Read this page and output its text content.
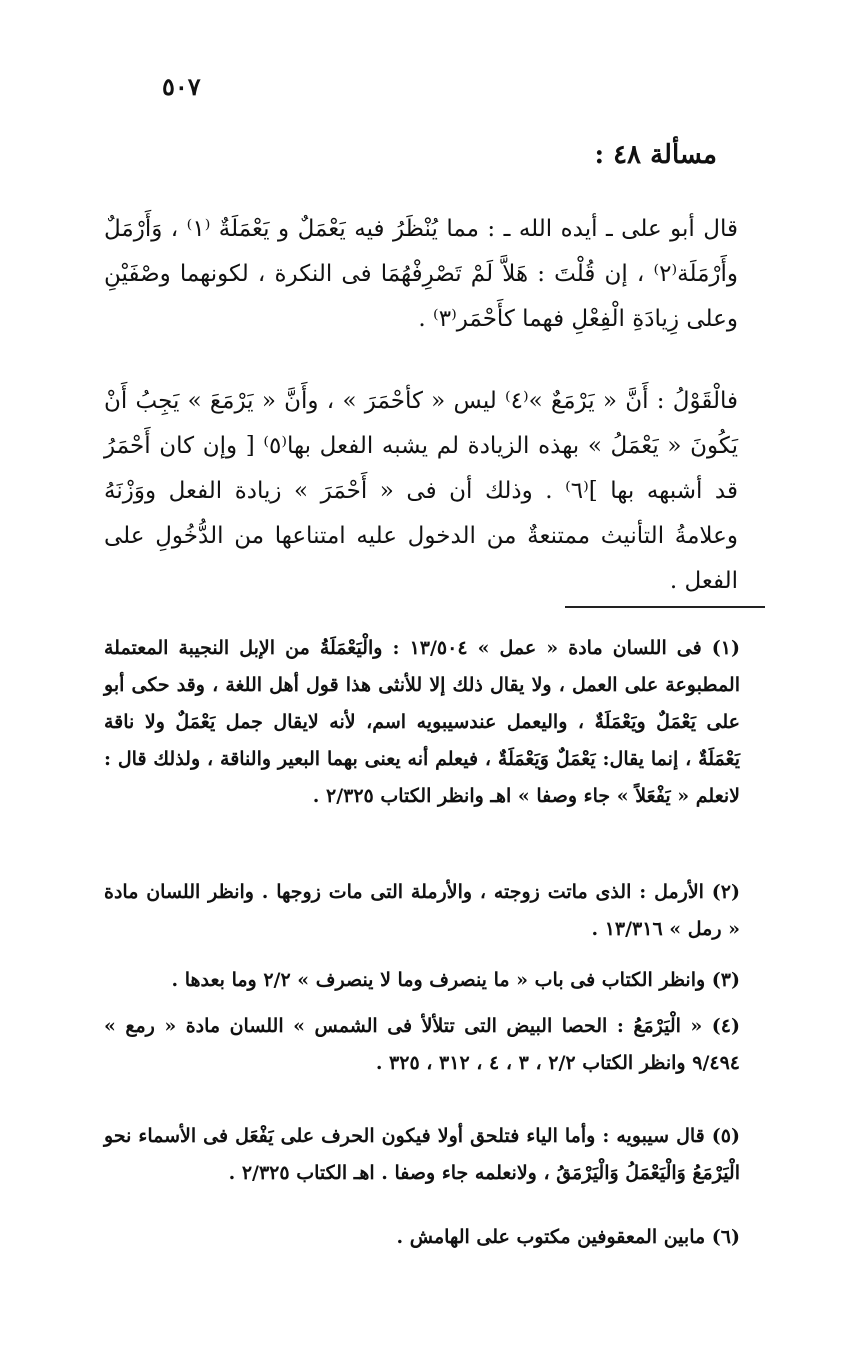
٥٠٧
مسألة ٤٨ :

قال أبو على ـ أيده الله ـ : مما يُنْظَرُ فيه يَعْمَلٌ و يَعْمَلَةٌ ⁽١⁾ ، وَأَرْمَلٌ وأَرْمَلَة⁽٢⁾ ، إن قُلْتَ : هَلاَّ لَمْ تَصْرِفْهُمَا فى النكرة ، لكونهما وصْفَيْنِ وعلى زِيادَةِ الْفِعْلِ فهما كأَحْمَر⁽٣⁾ .

فالْقَوْلُ : أَنَّ « يَرْمَعٌ »⁽٤⁾ ليس « كأحْمَرَ » ، وأَنَّ « يَرْمَعَ » يَجِبُ أَنْ يَكُونَ « يَعْمَلُ » بهذه الزيادة لم يشبه الفعل بها⁽٥⁾ [ وإن كان أَحْمَرُ قد أشبهه بها ]⁽٦⁾ . وذلك أن فى « أَحْمَرَ » زيادة الفعل ووَزْنَهُ وعلامةُ التأنيث ممتنعةٌ من الدخول عليه امتناعها من الدُّخُولِ على الفعل .

(١) فى اللسان مادة « عمل » ١٣/٥٠٤ : والْيَعْمَلَةُ من الإبل النجيبة المعتملة المطبوعة على العمل ، ولا يقال ذلك إلا للأنثى هذا قول أهل اللغة ، وقد حكى أبو على يَعْمَلٌ ويَعْمَلَةٌ ، واليعمل عندسيبويه اسم، لأنه لايقال جمل يَعْمَلٌ ولا ناقة يَعْمَلَةٌ ، إنما يقال: يَعْمَلٌ وَيَعْمَلَةٌ ، فيعلم أنه يعنى بهما البعير والناقة ، ولذلك قال : لانعلم « يَفْعَلاً » جاء وصفا » اهـ وانظر الكتاب ٢/٣٢٥ .

(٢) الأرمل : الذى ماتت زوجته ، والأرملة التى مات زوجها . وانظر اللسان مادة « رمل » ١٣/٣١٦ .

(٣) وانظر الكتاب فى باب « ما ينصرف وما لا ينصرف » ٢/٢ وما بعدها .

(٤) « الْيَرْمَعُ : الحصا البيض التى تتلألأ فى الشمس » اللسان مادة « رمع » ٩/٤٩٤ وانظر الكتاب ٢/٢ ، ٣ ، ٤ ، ٣١٢ ، ٣٢٥ .

(٥) قال سيبويه : وأما الياء فتلحق أولا فيكون الحرف على يَفْعَل فى الأسماء نحو الْيَرْمَعُ وَالْيَعْمَلُ وَالْيَرْمَقُ ، ولانعلمه جاء وصفا . اهـ الكتاب ٢/٣٢٥ .

(٦) مابين المعقوفين مكتوب على الهامش .
